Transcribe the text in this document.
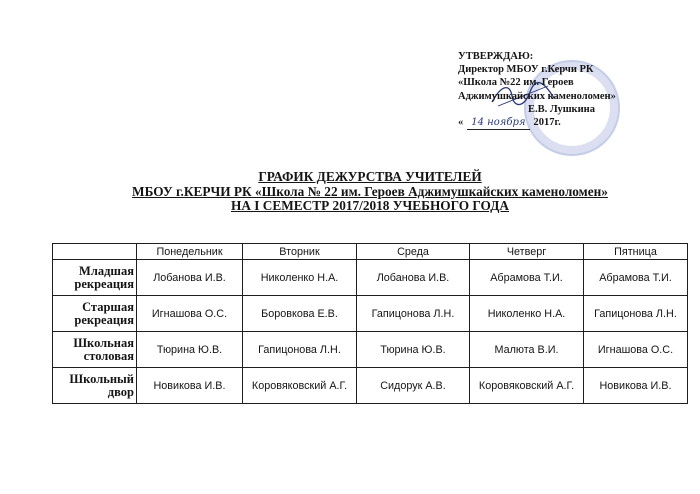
УТВЕРЖДАЮ:
Директор МБОУ г.Керчи РК
«Школа №22 им. Героев
Аджимушкайских каменоломен»
Е.В. Лушкина
« 14 ноября 2017г.
ГРАФИК ДЕЖУРСТВА УЧИТЕЛЕЙ
МБОУ г.КЕРЧИ РК «Школа № 22 им. Героев Аджимушкайских каменоломен»
НА I СЕМЕСТР 2017/2018 УЧЕБНОГО ГОДА
	Понедельник	Вторник	Среда	Четверг	Пятница

Младшая
рекреация	Лобанова И.В.	Николенко Н.А.	Лобанова И.В.	Абрамова Т.И.	Абрамова Т.И.

Старшая
рекреация	Игнашова О.С.	Боровкова Е.В.	Гапицонова Л.Н.	Николенко Н.А.	Гапицонова Л.Н.

Школьная
столовая	Тюрина Ю.В.	Гапицонова Л.Н.	Тюрина Ю.В.	Малюта В.И.	Игнашова О.С.

Школьный
двор	Новикова И.В.	Коровяковский А.Г.	Сидорук А.В.	Коровяковский А.Г.	Новикова И.В.
